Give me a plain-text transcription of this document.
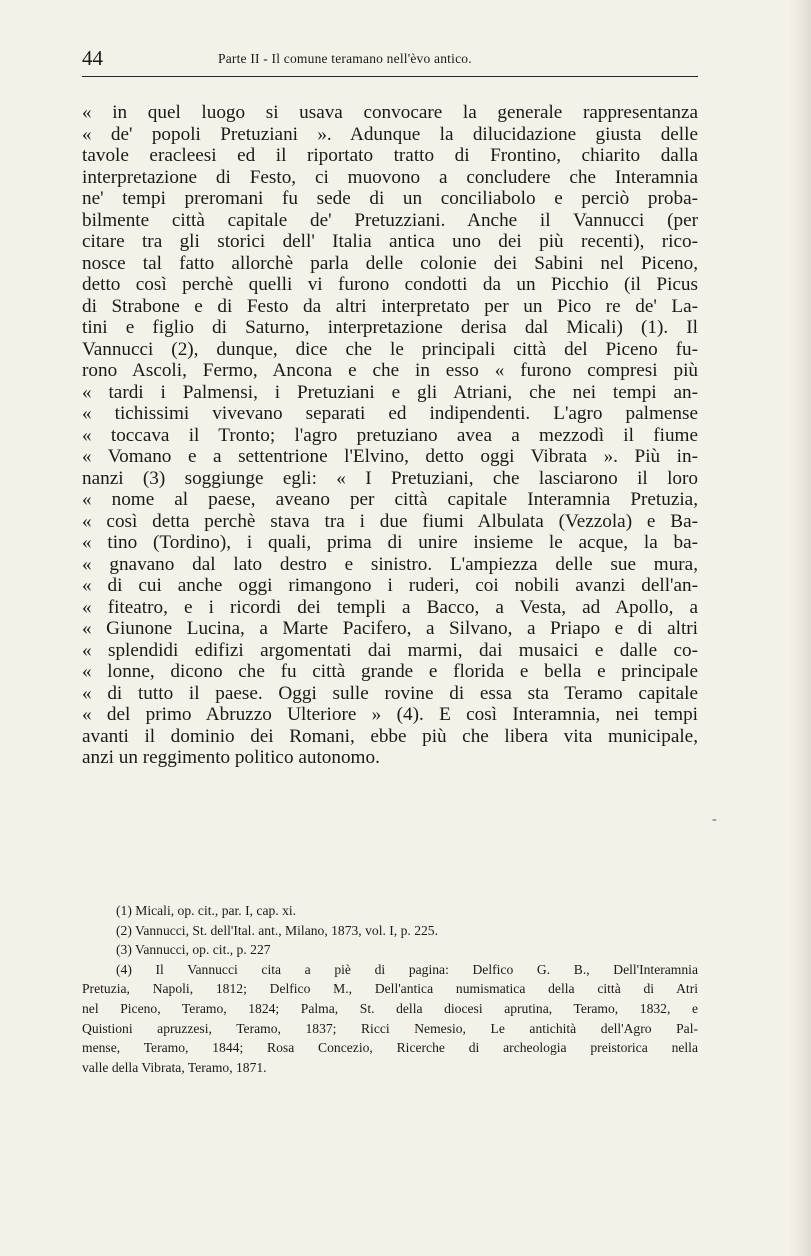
44	Parte II - Il comune teramano nell'èvo antico.
« in quel luogo si usava convocare la generale rappresentanza
« de' popoli Pretuziani ». Adunque la dilucidazione giusta delle
tavole eracleesi ed il riportato tratto di Frontino, chiarito dalla
interpretazione di Festo, ci muovono a concludere che Interamnia
ne' tempi preromani fu sede di un conciliabolo e perciò proba-
bilmente città capitale de' Pretuzziani. Anche il Vannucci (per
citare tra gli storici dell' Italia antica uno dei più recenti), rico-
nosce tal fatto allorchè parla delle colonie dei Sabini nel Piceno,
detto così perchè quelli vi furono condotti da un Picchio (il Picus
di Strabone e di Festo da altri interpretato per un Pico re de' La-
tini e figlio di Saturno, interpretazione derisa dal Micali) (1). Il
Vannucci (2), dunque, dice che le principali città del Piceno fu-
rono Ascoli, Fermo, Ancona e che in esso « furono compresi più
« tardi i Palmensi, i Pretuziani e gli Atriani, che nei tempi an-
« tichissimi vivevano separati ed indipendenti. L'agro palmense
« toccava il Tronto; l'agro pretuziano avea a mezzodì il fiume
« Vomano e a settentrione l'Elvino, detto oggi Vibrata ». Più in-
nanzi (3) soggiunge egli: « I Pretuziani, che lasciarono il loro
« nome al paese, aveano per città capitale Interamnia Pretuzia,
« così detta perchè stava tra i due fiumi Albulata (Vezzola) e Ba-
« tino (Tordino), i quali, prima di unire insieme le acque, la ba-
« gnavano dal lato destro e sinistro. L'ampiezza delle sue mura,
« di cui anche oggi rimangono i ruderi, coi nobili avanzi dell'an-
« fiteatro, e i ricordi dei templi a Bacco, a Vesta, ad Apollo, a
« Giunone Lucina, a Marte Pacifero, a Silvano, a Priapo e di altri
« splendidi edifizi argomentati dai marmi, dai musaici e dalle co-
« lonne, dicono che fu città grande e florida e bella e principale
« di tutto il paese. Oggi sulle rovine di essa sta Teramo capitale
« del primo Abruzzo Ulteriore » (4). E così Interamnia, nei tempi
avanti il dominio dei Romani, ebbe più che libera vita municipale,
anzi un reggimento politico autonomo.
(1) Micali, op. cit., par. I, cap. xi.
(2) Vannucci, St. dell'Ital. ant., Milano, 1873, vol. I, p. 225.
(3) Vannucci, op. cit., p. 227
(4) Il Vannucci cita a piè di pagina: Delfico G. B., Dell'Interamnia
Pretuzia, Napoli, 1812; Delfico M., Dell'antica numismatica della città di Atri
nel Piceno, Teramo, 1824; Palma, St. della diocesi aprutina, Teramo, 1832, e
Quistioni apruzzesi, Teramo, 1837; Ricci Nemesio, Le antichità dell'Agro Pal-
mense, Teramo, 1844; Rosa Concezio, Ricerche di archeologia preistorica nella
valle della Vibrata, Teramo, 1871.
-
